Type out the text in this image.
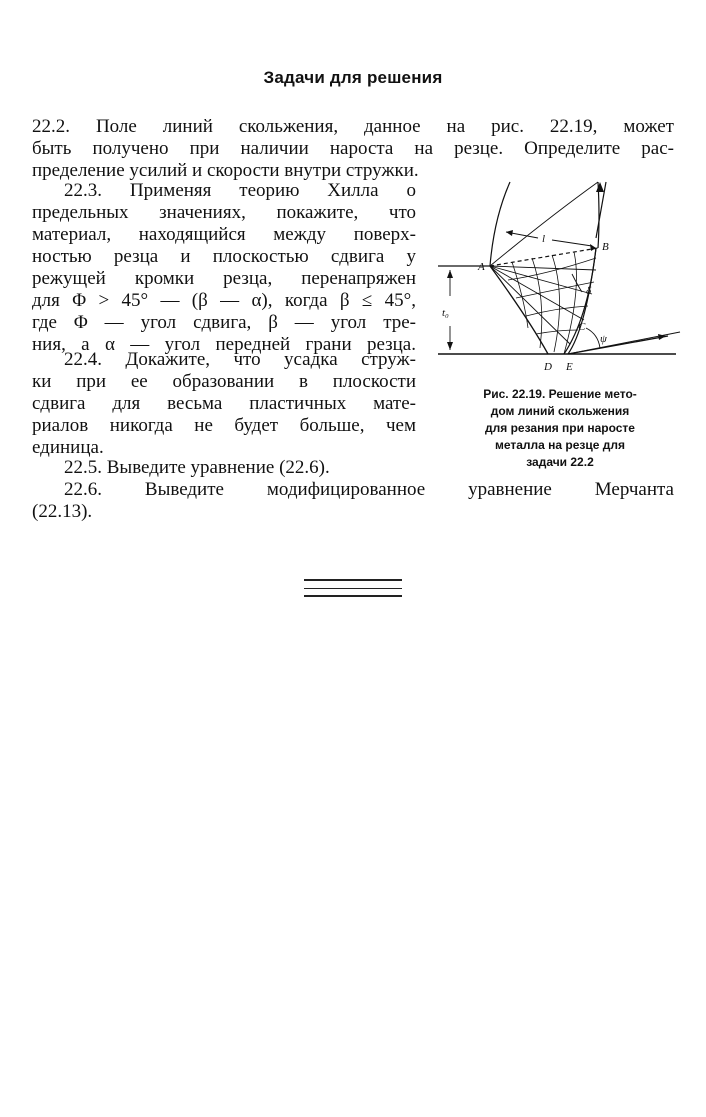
Задачи для решения
22.2. Поле линий скольжения, данное на рис. 22.19, может
быть получено при наличии нароста на резце. Определите рас-
пределение усилий и скорости внутри стружки.
22.3. Применяя теорию Хилла о
предельных значениях, покажите, что
материал, находящийся между поверх-
ностью резца и плоскостью сдвига у
режущей кромки резца, перенапряжен
для Φ > 45° — (β — α), когда β ≤ 45°,
где Φ — угол сдвига, β — угол тре-
ния, а α — угол передней грани резца.
22.4. Докажите, что усадка струж-
ки при ее образовании в плоскости
сдвига для весьма пластичных мате-
риалов никогда не будет больше, чем
единица.
22.5. Выведите уравнение (22.6).
22.6. Выведите модифицированное уравнение Мерчанта
(22.13).
A
B
C
D E
δ
l
t₀
ψ
Рис. 22.19. Решение мето-
дом линий скольжения
для резания при наросте
металла на резце для
задачи 22.2
